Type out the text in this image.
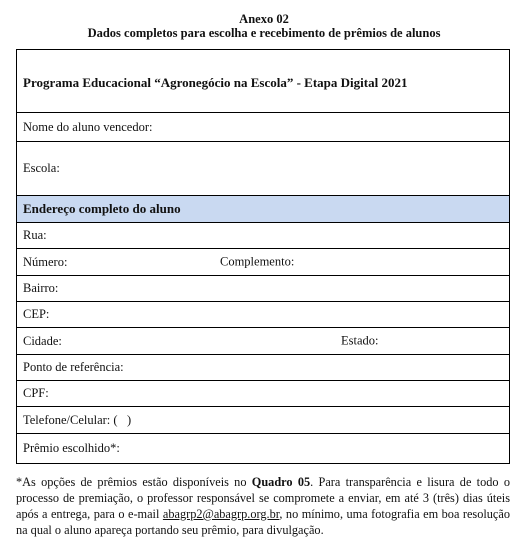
Anexo 02
Dados completos para escolha e recebimento de prêmios de alunos
Programa Educacional “Agronegócio na Escola” - Etapa Digital 2021
Nome do aluno vencedor:
Escola:
Endereço completo do aluno
Rua:
Número:	Complemento:
Bairro:
CEP:
Cidade:	Estado:
Ponto de referência:
CPF:
Telefone/Celular: (   )
Prêmio escolhido*:
*As opções de prêmios estão disponíveis no Quadro 05. Para transparência e lisura de todo o processo de premiação, o professor responsável se compromete a enviar, em até 3 (três) dias úteis após a entrega, para o e-mail abagrp2@abagrp.org.br, no mínimo, uma fotografia em boa resolução na qual o aluno apareça portando seu prêmio, para divulgação.
